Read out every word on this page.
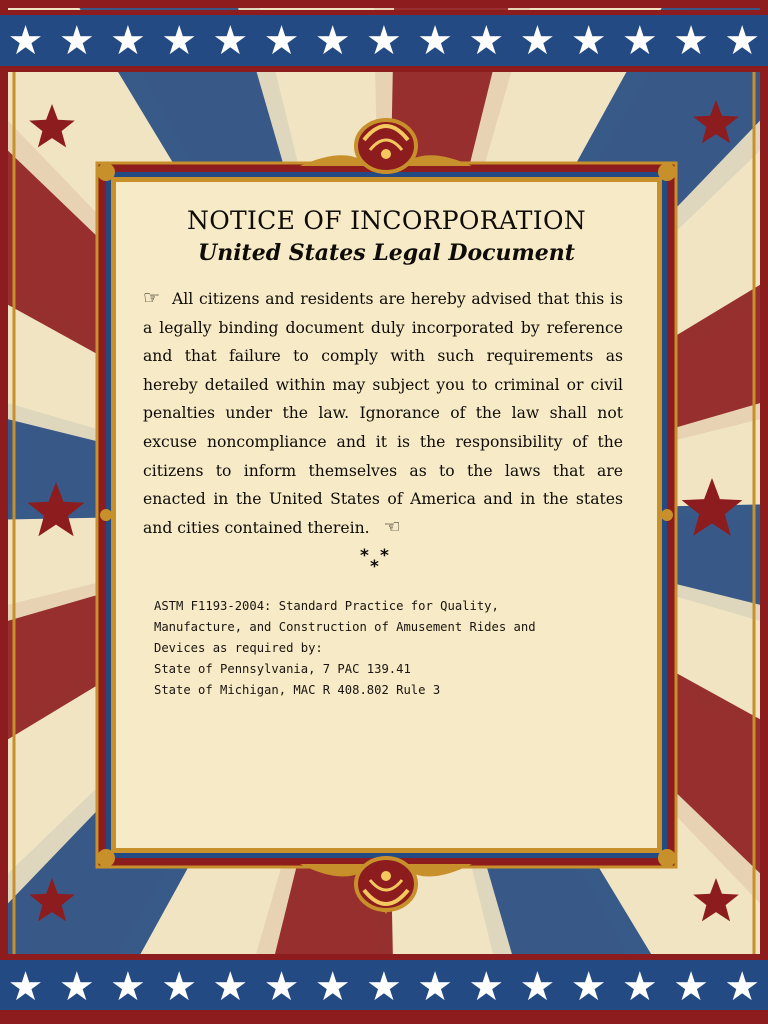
★ ★ ★ ★ ★ ★ ★ ★ ★ ★ ★ ★ ★ ★ ★
★ ★ ★ ★ ★ ★ ★ ★ ★ ★ ★ ★ ★ ★ ★
NOTICE OF INCORPORATION
United States Legal Document

☞ All citizens and residents are hereby advised that this is a legally binding document duly incorporated by reference and that failure to comply with such requirements as hereby detailed within may subject you to criminal or civil penalties under the law. Ignorance of the law shall not excuse noncompliance and it is the responsibility of the citizens to inform themselves as to the laws that are enacted in the United States of America and in the states and cities contained therein. ☜

* *
*
ASTM F1193-2004: Standard Practice for Quality,
Manufacture, and Construction of Amusement Rides and
Devices as required by:
State of Pennsylvania, 7 PAC 139.41
State of Michigan, MAC R 408.802 Rule 3
